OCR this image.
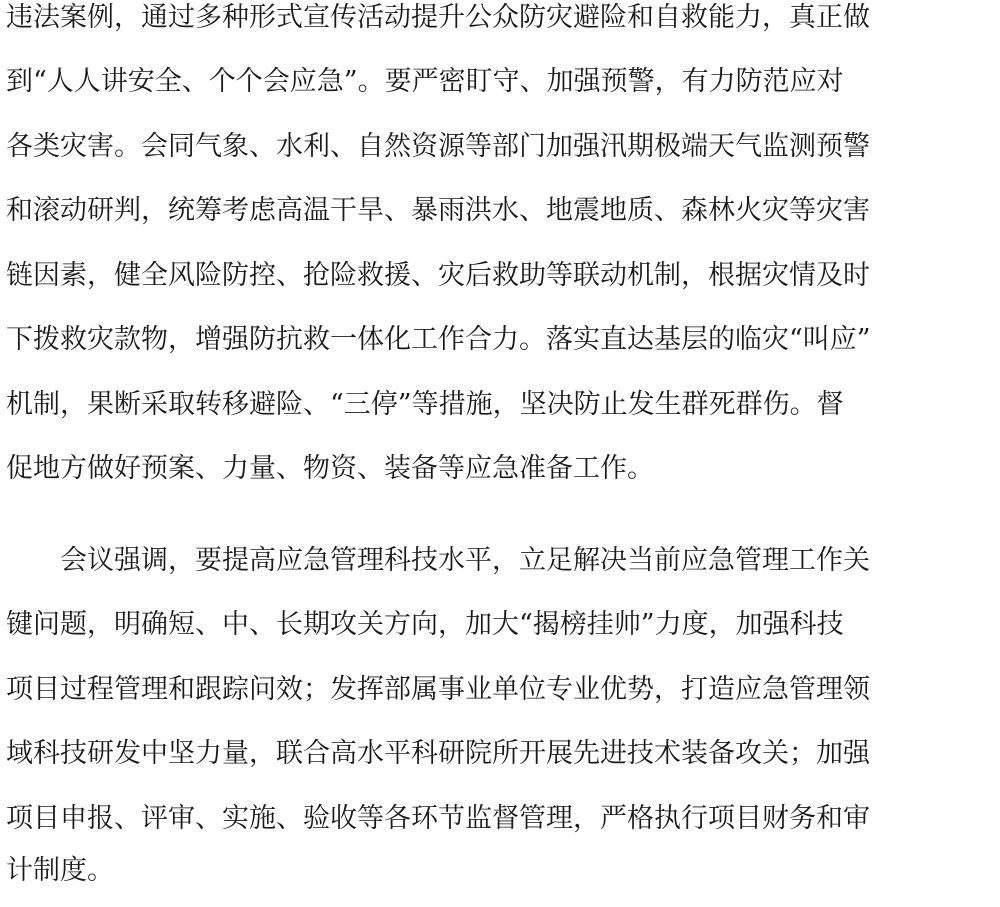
违法案例，通过多种形式宣传活动提升公众防灾避险和自救能力，真正做
到“人人讲安全、个个会应急”。要严密盯守、加强预警，有力防范应对
各类灾害。会同气象、水利、自然资源等部门加强汛期极端天气监测预警
和滚动研判，统筹考虑高温干旱、暴雨洪水、地震地质、森林火灾等灾害
链因素，健全风险防控、抢险救援、灾后救助等联动机制，根据灾情及时
下拨救灾款物，增强防抗救一体化工作合力。落实直达基层的临灾“叫应”
机制，果断采取转移避险、“三停”等措施，坚决防止发生群死群伤。督
促地方做好预案、力量、物资、装备等应急准备工作。
　　会议强调，要提高应急管理科技水平，立足解决当前应急管理工作关
键问题，明确短、中、长期攻关方向，加大“揭榜挂帅”力度，加强科技
项目过程管理和跟踪问效；发挥部属事业单位专业优势，打造应急管理领
域科技研发中坚力量，联合高水平科研院所开展先进技术装备攻关；加强
项目申报、评审、实施、验收等各环节监督管理，严格执行项目财务和审
计制度。
